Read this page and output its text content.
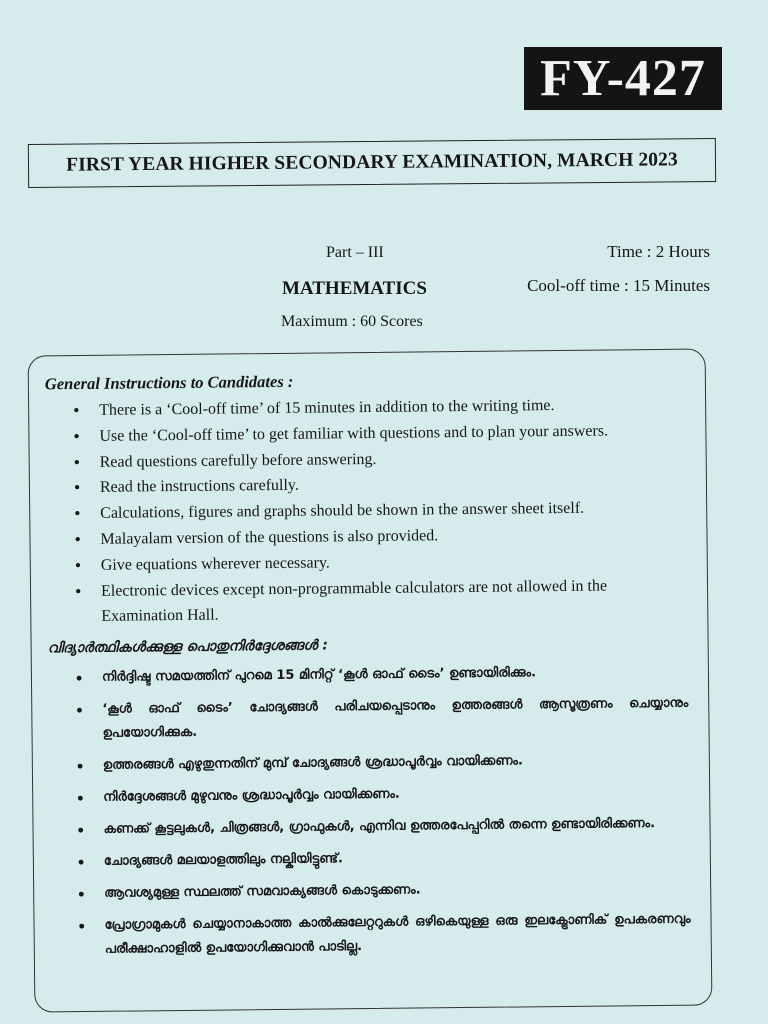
FY-427
FIRST YEAR HIGHER SECONDARY EXAMINATION, MARCH 2023
Part – III
MATHEMATICS
Maximum : 60 Scores
Time : 2 Hours
Cool-off time : 15 Minutes
General Instructions to Candidates :
• There is a ‘Cool-off time’ of 15 minutes in addition to the writing time.
• Use the ‘Cool-off time’ to get familiar with questions and to plan your answers.
• Read questions carefully before answering.
• Read the instructions carefully.
• Calculations, figures and graphs should be shown in the answer sheet itself.
• Malayalam version of the questions is also provided.
• Give equations wherever necessary.
• Electronic devices except non-programmable calculators are not allowed in the Examination Hall.
വിദ്യാർത്ഥികൾക്കുള്ള പൊതുനിർദ്ദേശങ്ങൾ :
• നിർദ്ദിഷ്ട സമയത്തിന് പുറമെ 15 മിനിറ്റ് ‘കൂൾ ഓഫ് ടൈം’ ഉണ്ടായിരിക്കും.
• ‘കൂൾ ഓഫ് ടൈം’ ചോദ്യങ്ങൾ പരിചയപ്പെടാനും ഉത്തരങ്ങൾ ആസൂത്രണം ചെയ്യാനും ഉപയോഗിക്കുക.
• ഉത്തരങ്ങൾ എഴുതുന്നതിന് മുമ്പ് ചോദ്യങ്ങൾ ശ്രദ്ധാപൂർവ്വം വായിക്കണം.
• നിർദ്ദേശങ്ങൾ മുഴുവനും ശ്രദ്ധാപൂർവ്വം വായിക്കണം.
• കണക്ക് കൂട്ടലുകൾ, ചിത്രങ്ങൾ, ഗ്രാഫുകൾ, എന്നിവ ഉത്തരപേപ്പറിൽ തന്നെ ഉണ്ടായിരിക്കണം.
• ചോദ്യങ്ങൾ മലയാളത്തിലും നല്കിയിട്ടുണ്ട്.
• ആവശ്യമുള്ള സ്ഥലത്ത് സമവാക്യങ്ങൾ കൊടുക്കണം.
• പ്രോഗ്രാമുകൾ ചെയ്യാനാകാത്ത കാൽക്കുലേറ്ററുകൾ ഒഴികെയുള്ള ഒരു ഇലക്ട്രോണിക് ഉപകരണവും പരീക്ഷാഹാളിൽ ഉപയോഗിക്കുവാൻ പാടില്ല.
